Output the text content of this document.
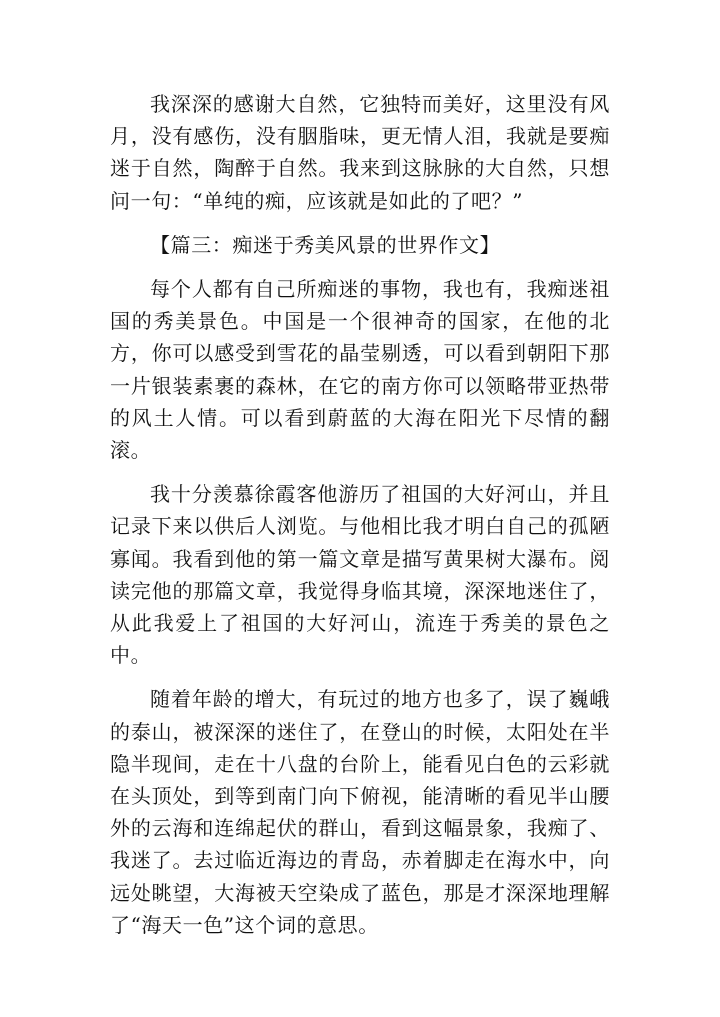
我深深的感谢大自然，它独特而美好，这里没有风月，没有感伤，没有胭脂味，更无情人泪，我就是要痴迷于自然，陶醉于自然。我来到这脉脉的大自然，只想问一句：“单纯的痴，应该就是如此的了吧？”

【篇三：痴迷于秀美风景的世界作文】

每个人都有自己所痴迷的事物，我也有，我痴迷祖国的秀美景色。中国是一个很神奇的国家，在他的北方，你可以感受到雪花的晶莹剔透，可以看到朝阳下那一片银装素裹的森林，在它的南方你可以领略带亚热带的风土人情。可以看到蔚蓝的大海在阳光下尽情的翻滚。

我十分羡慕徐霞客他游历了祖国的大好河山，并且记录下来以供后人浏览。与他相比我才明白自己的孤陋寡闻。我看到他的第一篇文章是描写黄果树大瀑布。阅读完他的那篇文章，我觉得身临其境，深深地迷住了，从此我爱上了祖国的大好河山，流连于秀美的景色之中。

随着年龄的增大，有玩过的地方也多了，误了巍峨的泰山，被深深的迷住了，在登山的时候，太阳处在半隐半现间，走在十八盘的台阶上，能看见白色的云彩就在头顶处，到等到南门向下俯视，能清晰的看见半山腰外的云海和连绵起伏的群山，看到这幅景象，我痴了、我迷了。去过临近海边的青岛，赤着脚走在海水中，向远处眺望，大海被天空染成了蓝色，那是才深深地理解了“海天一色”这个词的意思。
